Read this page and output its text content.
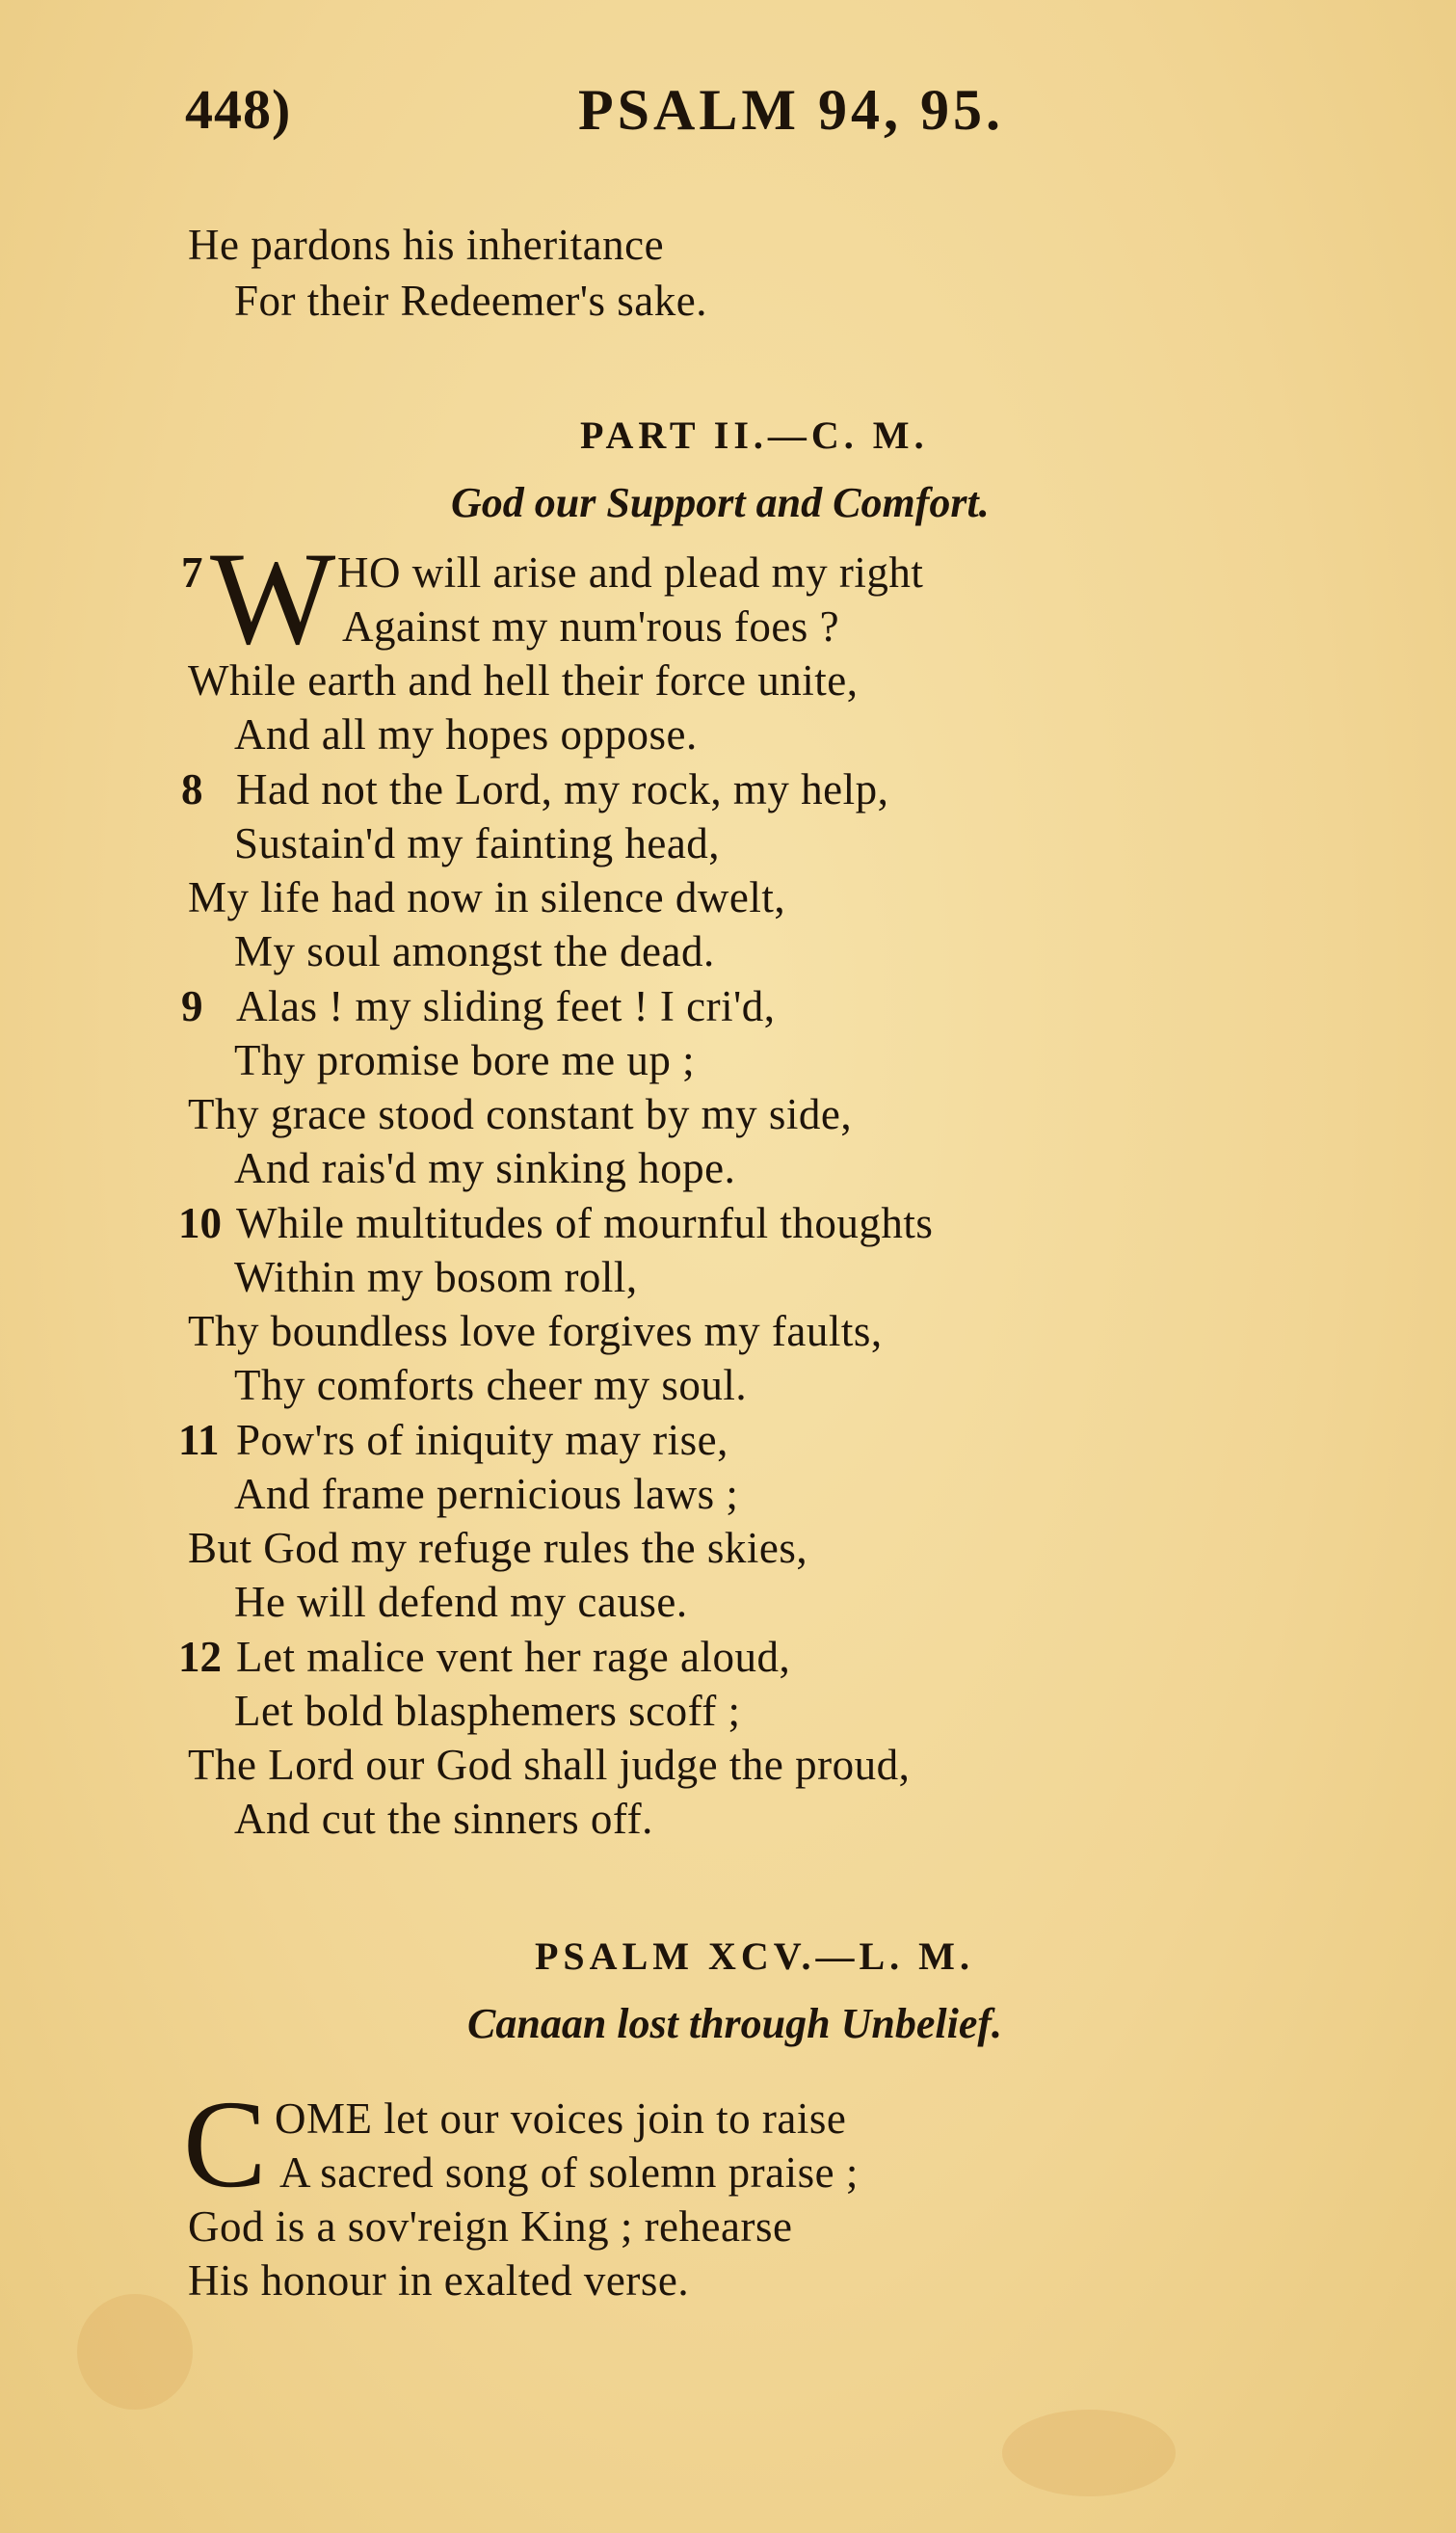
448)	PSALM 94, 95.
He pardons his inheritance
For their Redeemer's sake.
PART II.—C. M.
God our Support and Comfort.
7 W HO will arise and plead my right
Against my num'rous foes ?
While earth and hell their force unite,
And all my hopes oppose.
8 Had not the Lord, my rock, my help,
Sustain'd my fainting head,
My life had now in silence dwelt,
My soul amongst the dead.
9 Alas ! my sliding feet ! I cri'd,
Thy promise bore me up ;
Thy grace stood constant by my side,
And rais'd my sinking hope.
10 While multitudes of mournful thoughts
Within my bosom roll,
Thy boundless love forgives my faults,
Thy comforts cheer my soul.
11 Pow'rs of iniquity may rise,
And frame pernicious laws ;
But God my refuge rules the skies,
He will defend my cause.
12 Let malice vent her rage aloud,
Let bold blasphemers scoff ;
The Lord our God shall judge the proud,
And cut the sinners off.
PSALM XCV.—L. M.
Canaan lost through Unbelief.
C OME let our voices join to raise
A sacred song of solemn praise ;
God is a sov'reign King ; rehearse
His honour in exalted verse.
